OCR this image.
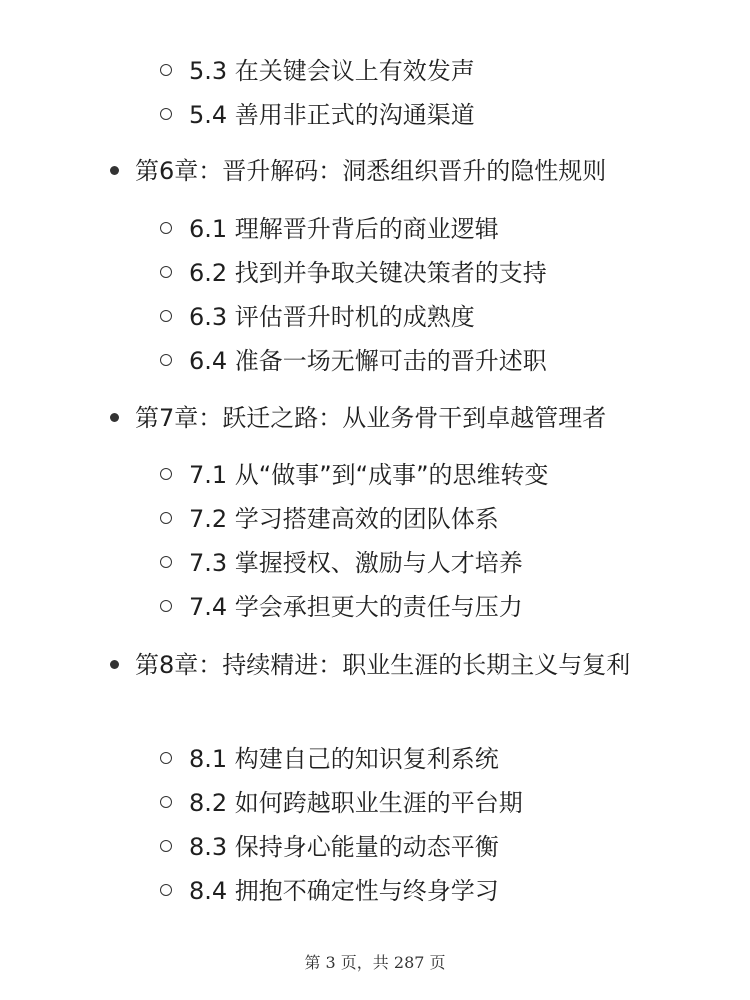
5.3 在关键会议上有效发声
5.4 善用非正式的沟通渠道
第6章：晋升解码：洞悉组织晋升的隐性规则
6.1 理解晋升背后的商业逻辑
6.2 找到并争取关键决策者的支持
6.3 评估晋升时机的成熟度
6.4 准备一场无懈可击的晋升述职
第7章：跃迁之路：从业务骨干到卓越管理者
7.1 从“做事”到“成事”的思维转变
7.2 学习搭建高效的团队体系
7.3 掌握授权、激励与人才培养
7.4 学会承担更大的责任与压力
第8章：持续精进：职业生涯的长期主义与复利
8.1 构建自己的知识复利系统
8.2 如何跨越职业生涯的平台期
8.3 保持身心能量的动态平衡
8.4 拥抱不确定性与终身学习
第 3 页，共 287 页
